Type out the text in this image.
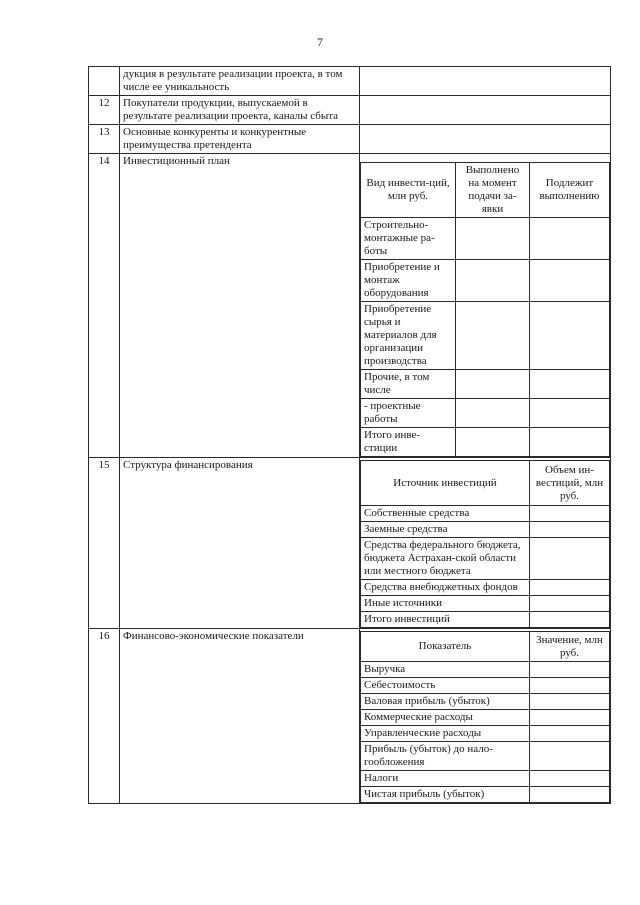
7
	дукция в результате реализации проекта, в том числе ее уникальность	
12	Покупатели продукции, выпускаемой в результате реализации проекта, каналы сбыта	
13	Основные конкуренты и конкурентные преимущества претендента	
14	Инвестиционный план	
Вид инвести-ций, млн руб.	Выполнено на момент подачи за-явки	Подлежит выполнению
Строительно-монтажные ра-боты		
Приобретение и монтаж оборудования		
Приобретение сырья и материалов для организации производства		
Прочие, в том числе		
- проектные работы		
Итого инве-стиции		

15	Структура финансирования	
Источник инвестиций	Объем ин-вестиций, млн руб.
Собственные средства	
Заемные средства	
Средства федерального бюджета, бюджета Астрахан-ской области или местного бюджета	
Средства внебюджетных фондов	
Иные источники	
Итого инвестиций	

16	Финансово-экономические показатели	
Показатель	Значение, млн руб.
Выручка	
Себестоимость	
Валовая прибыль (убыток)	
Коммерческие расходы	
Управленческие расходы	
Прибыль (убыток) до нало-гообложения	
Налоги	
Чистая прибыль (убыток)	
